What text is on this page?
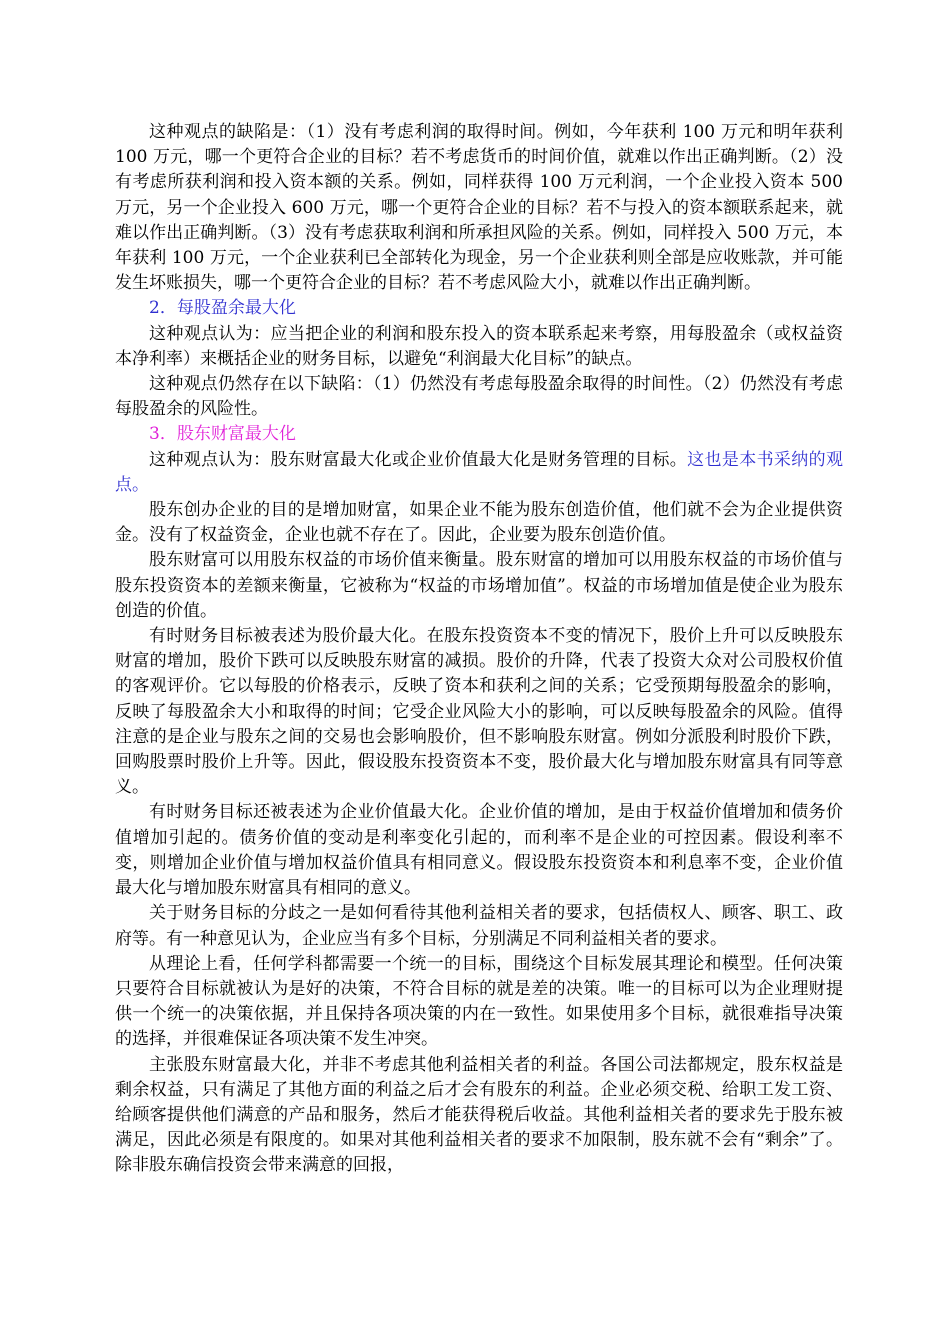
这种观点的缺陷是：（1）没有考虑利润的取得时间。例如，今年获利 100 万元和明年获利 100 万元，哪一个更符合企业的目标？若不考虑货币的时间价值，就难以作出正确判断。（2）没有考虑所获利润和投入资本额的关系。例如，同样获得 100 万元利润，一个企业投入资本 500 万元，另一个企业投入 600 万元，哪一个更符合企业的目标？若不与投入的资本额联系起来，就难以作出正确判断。（3）没有考虑获取利润和所承担风险的关系。例如，同样投入 500 万元，本年获利 100 万元，一个企业获利已全部转化为现金，另一个企业获利则全部是应收账款，并可能发生坏账损失，哪一个更符合企业的目标？若不考虑风险大小，就难以作出正确判断。

2．每股盈余最大化

这种观点认为：应当把企业的利润和股东投入的资本联系起来考察，用每股盈余（或权益资本净利率）来概括企业的财务目标，以避免“利润最大化目标”的缺点。

这种观点仍然存在以下缺陷：（1）仍然没有考虑每股盈余取得的时间性。（2）仍然没有考虑每股盈余的风险性。

3．股东财富最大化

这种观点认为：股东财富最大化或企业价值最大化是财务管理的目标。这也是本书采纳的观点。

股东创办企业的目的是增加财富，如果企业不能为股东创造价值，他们就不会为企业提供资金。没有了权益资金，企业也就不存在了。因此，企业要为股东创造价值。

股东财富可以用股东权益的市场价值来衡量。股东财富的增加可以用股东权益的市场价值与股东投资资本的差额来衡量，它被称为“权益的市场增加值”。权益的市场增加值是使企业为股东创造的价值。

有时财务目标被表述为股价最大化。在股东投资资本不变的情况下，股价上升可以反映股东财富的增加，股价下跌可以反映股东财富的减损。股价的升降，代表了投资大众对公司股权价值的客观评价。它以每股的价格表示，反映了资本和获利之间的关系；它受预期每股盈余的影响，反映了每股盈余大小和取得的时间；它受企业风险大小的影响，可以反映每股盈余的风险。值得注意的是企业与股东之间的交易也会影响股价，但不影响股东财富。例如分派股利时股价下跌，回购股票时股价上升等。因此，假设股东投资资本不变，股价最大化与增加股东财富具有同等意义。

有时财务目标还被表述为企业价值最大化。企业价值的增加，是由于权益价值增加和债务价值增加引起的。债务价值的变动是利率变化引起的，而利率不是企业的可控因素。假设利率不变，则增加企业价值与增加权益价值具有相同意义。假设股东投资资本和利息率不变，企业价值最大化与增加股东财富具有相同的意义。

关于财务目标的分歧之一是如何看待其他利益相关者的要求，包括债权人、顾客、职工、政府等。有一种意见认为，企业应当有多个目标，分别满足不同利益相关者的要求。

从理论上看，任何学科都需要一个统一的目标，围绕这个目标发展其理论和模型。任何决策只要符合目标就被认为是好的决策，不符合目标的就是差的决策。唯一的目标可以为企业理财提供一个统一的决策依据，并且保持各项决策的内在一致性。如果使用多个目标，就很难指导决策的选择，并很难保证各项决策不发生冲突。

主张股东财富最大化，并非不考虑其他利益相关者的利益。各国公司法都规定，股东权益是剩余权益，只有满足了其他方面的利益之后才会有股东的利益。企业必须交税、给职工发工资、给顾客提供他们满意的产品和服务，然后才能获得税后收益。其他利益相关者的要求先于股东被满足，因此必须是有限度的。如果对其他利益相关者的要求不加限制，股东就不会有“剩余”了。除非股东确信投资会带来满意的回报，
